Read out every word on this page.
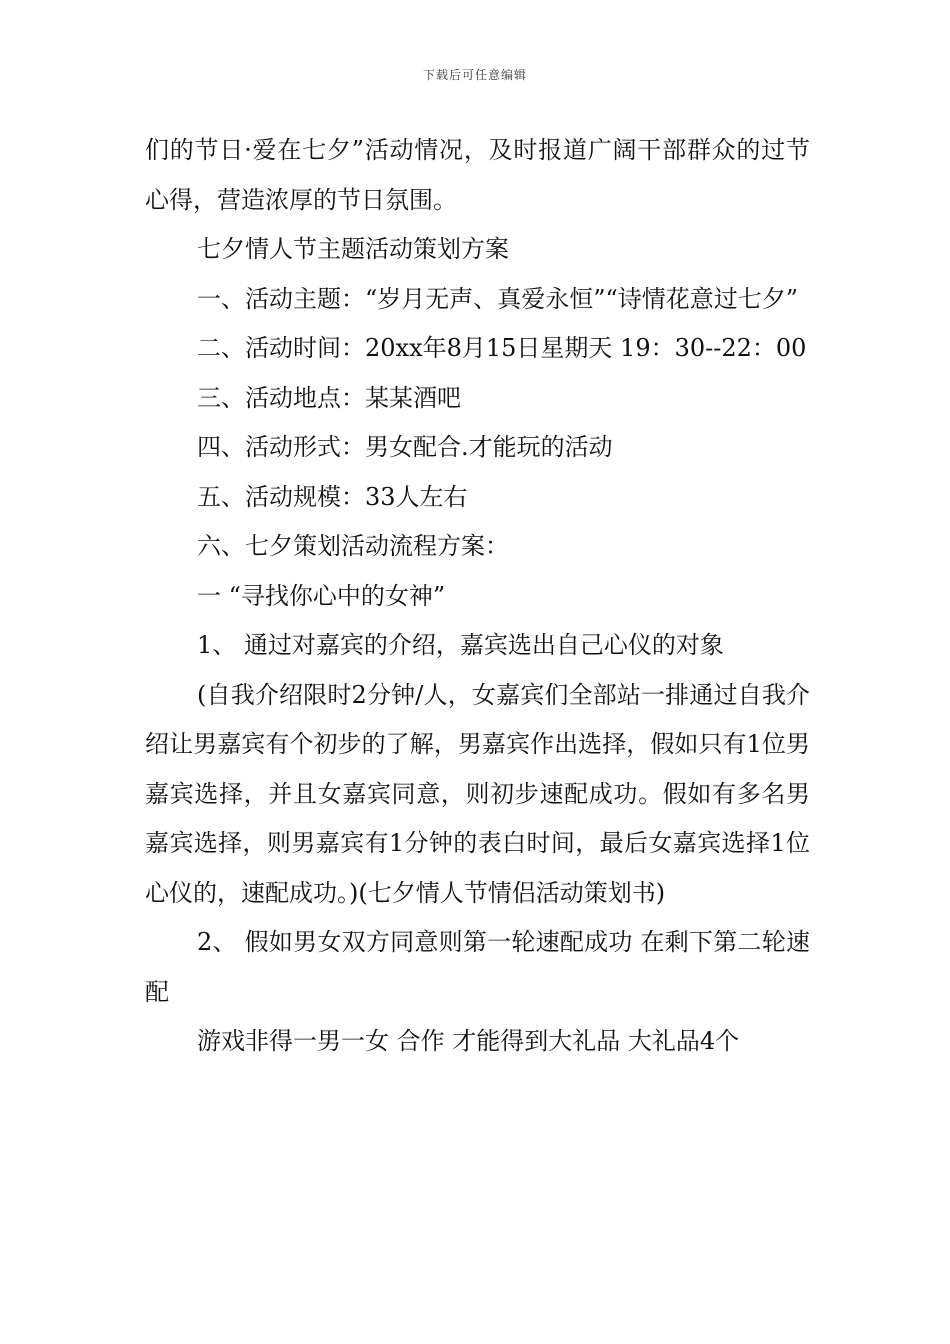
下载后可任意编辑

们的节日·爱在七夕”活动情况，及时报道广阔干部群众的过节心得，营造浓厚的节日氛围。

七夕情人节主题活动策划方案

一、活动主题：“岁月无声、真爱永恒”“诗情花意过七夕”

二、活动时间：20xx年8月15日星期天 19：30--22：00

三、活动地点：某某酒吧

四、活动形式：男女配合.才能玩的活动

五、活动规模：33人左右

六、七夕策划活动流程方案：

一 “寻找你心中的女神”

1、 通过对嘉宾的介绍，嘉宾选出自己心仪的对象

(自我介绍限时2分钟/人，女嘉宾们全部站一排通过自我介绍让男嘉宾有个初步的了解，男嘉宾作出选择，假如只有1位男嘉宾选择，并且女嘉宾同意，则初步速配成功。假如有多名男嘉宾选择，则男嘉宾有1分钟的表白时间，最后女嘉宾选择1位心仪的，速配成功。)(七夕情人节情侣活动策划书)

2、 假如男女双方同意则第一轮速配成功 在剩下第二轮速配

游戏非得一男一女 合作 才能得到大礼品 大礼品4个
